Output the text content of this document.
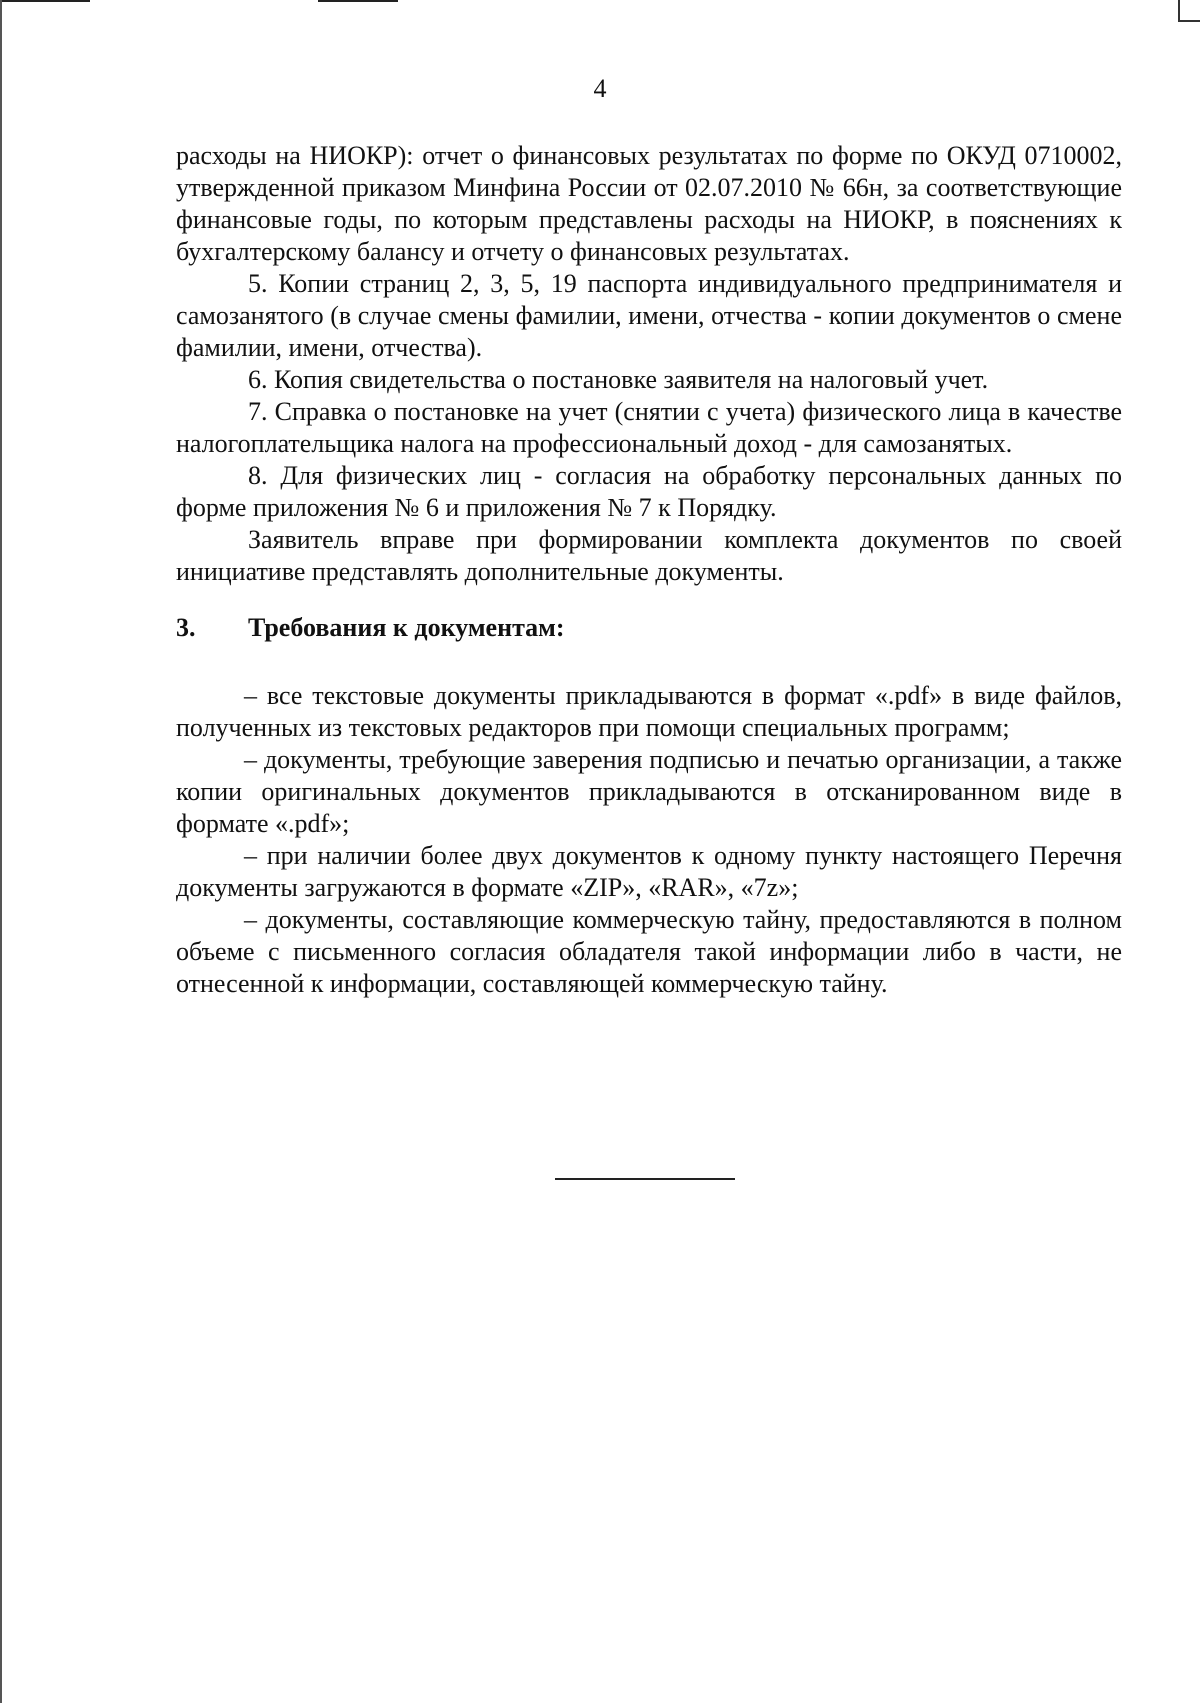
4

расходы на НИОКР): отчет о финансовых результатах по форме по ОКУД 0710002, утвержденной приказом Минфина России от 02.07.2010 № 66н, за соответствующие финансовые годы, по которым представлены расходы на НИОКР, в пояснениях к бухгалтерскому балансу и отчету о финансовых результатах.

5. Копии страниц 2, 3, 5, 19 паспорта индивидуального предпринимателя и самозанятого (в случае смены фамилии, имени, отчества - копии документов о смене фамилии, имени, отчества).

6. Копия свидетельства о постановке заявителя на налоговый учет.

7. Справка о постановке на учет (снятии с учета) физического лица в качестве налогоплательщика налога на профессиональный доход - для самозанятых.

8. Для физических лиц - согласия на обработку персональных данных по форме приложения № 6 и приложения № 7 к Порядку.

Заявитель вправе при формировании комплекта документов по своей инициативе представлять дополнительные документы.

3. Требования к документам:

– все текстовые документы прикладываются в формат «.pdf» в виде файлов, полученных из текстовых редакторов при помощи специальных программ;

– документы, требующие заверения подписью и печатью организации, а также копии оригинальных документов прикладываются в отсканированном виде в формате «.pdf»;

– при наличии более двух документов к одному пункту настоящего Перечня документы загружаются в формате «ZIP», «RAR», «7z»;

– документы, составляющие коммерческую тайну, предоставляются в полном объеме с письменного согласия обладателя такой информации либо в части, не отнесенной к информации, составляющей коммерческую тайну.
